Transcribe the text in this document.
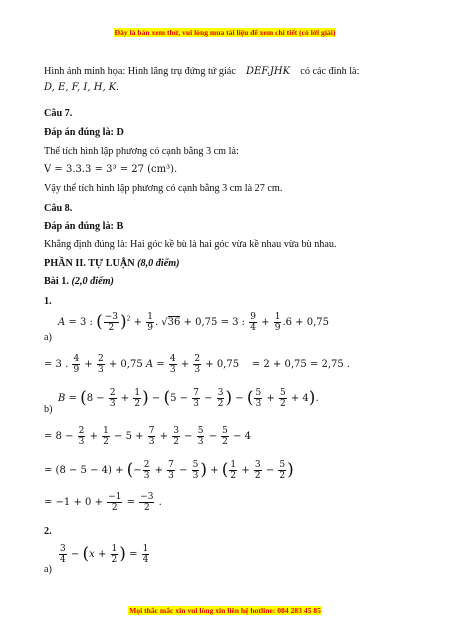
Đây là bản xem thử, vui lòng mua tài liệu để xem chi tiết (có lời giải)
Hình ảnh minh họa: Hình lăng trụ đứng tứ giác DEF.JHK có các đỉnh là:
D, E, F, I, H, K.
Câu 7.
Đáp án đúng là: D
Thể tích hình lập phương có cạnh bằng 3 cm là:
V = 3.3.3 = 3³ = 27 (cm³).
Vậy thể tích hình lập phương có cạnh bằng 3 cm là 27 cm.
Câu 8.
Đáp án đúng là: B
Khẳng định đúng là: Hai góc kề bù là hai góc vừa kề nhau vừa bù nhau.
PHẦN II. TỰ LUẬN (8,0 điểm)
Bài 1. (2,0 điểm)
1.
A = 3 : ( $\frac{-3}{2} )^2 + \frac{1}{9}$ . √36 + 0,75 = 3 : $\frac{9}{4} + \frac{1}{9} .6 + 0,75$
a)
= 3 . $\frac{4}{9} + \frac{2}{3} + 0,75$ $A = \frac{4}{3} + \frac{2}{3} + 0,75$    = 2 + 0,75 = 2,75 .
$B = (8 - \frac{2}{3} + \frac{1}{2}$ ) − ($5 - \frac{7}{3} - \frac{3}{2}$ ) − ( $\frac{5}{3} + \frac{5}{2} + 4$).
b)
= $8 - \frac{2}{3} + \frac{1}{2} - 5 + \frac{7}{3} + \frac{3}{2} - \frac{5}{3} - \frac{5}{2} - 4$
= (8 − 5 − 4) + (− $\frac{2}{3} + \frac{7}{3} - \frac{5}{3}$ ) + ( $\frac{1}{2} + \frac{3}{2} - \frac{5}{2}$ )
= $-1 + 0 + \frac{-1}{2} = \frac{-3}{2}$ .
2.
$\frac{3}{4} - (x + \frac{1}{2}$ ) = $\frac{1}{4}$
a)
Mọi thắc mắc xin vui lòng xin liên hệ hotline: 084 283 45 85
